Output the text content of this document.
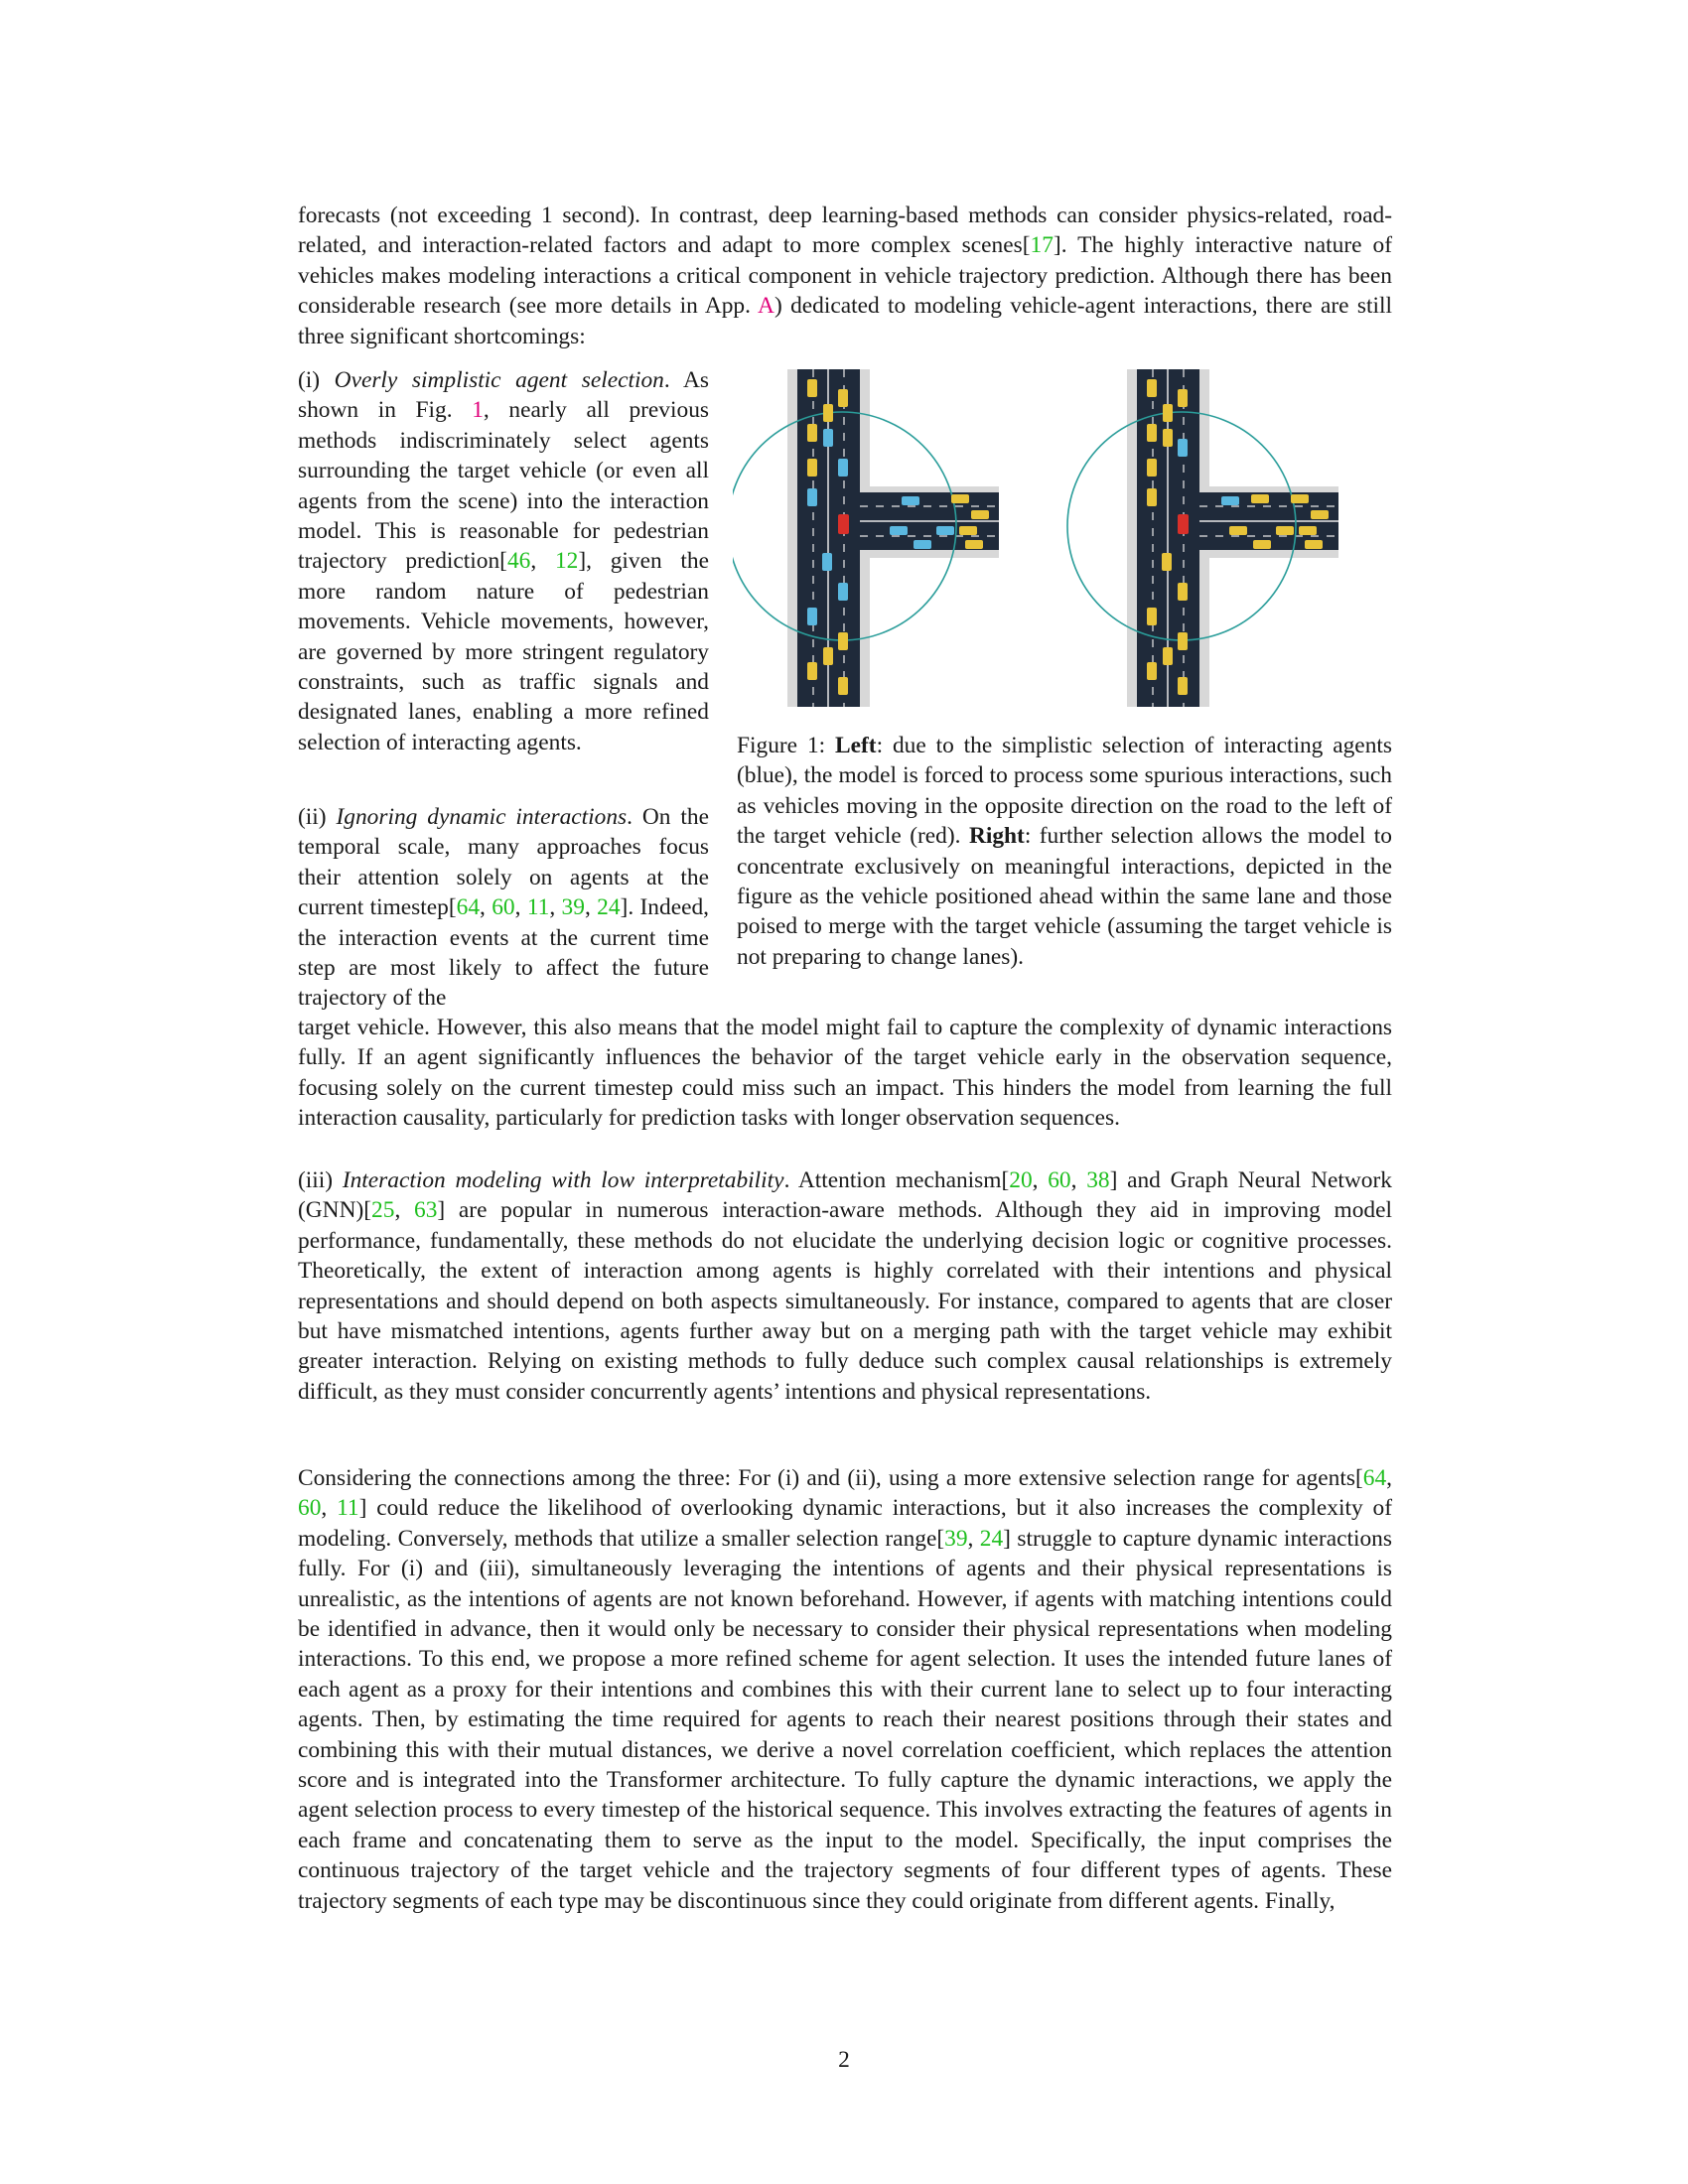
forecasts (not exceeding 1 second). In contrast, deep learning-based methods can consider physics-related, road-related, and interaction-related factors and adapt to more complex scenes[17]. The highly interactive nature of vehicles makes modeling interactions a critical component in vehicle trajectory prediction. Although there has been considerable research (see more details in App. A) dedicated to modeling vehicle-agent interactions, there are still three significant shortcomings:

(i) Overly simplistic agent selection. As shown in Fig. 1, nearly all previous methods indiscriminately select agents surrounding the target vehicle (or even all agents from the scene) into the interaction model. This is reasonable for pedestrian trajectory prediction[46, 12], given the more random nature of pedestrian movements. Vehicle movements, however, are governed by more stringent regulatory constraints, such as traffic signals and designated lanes, enabling a more refined selection of interacting agents.

(ii) Ignoring dynamic interactions. On the temporal scale, many approaches focus their attention solely on agents at the current timestep[64, 60, 11, 39, 24]. Indeed, the interaction events at the current time step are most likely to affect the future trajectory of the

target vehicle. However, this also means that the model might fail to capture the complexity of dynamic interactions fully. If an agent significantly influences the behavior of the target vehicle early in the observation sequence, focusing solely on the current timestep could miss such an impact. This hinders the model from learning the full interaction causality, particularly for prediction tasks with longer observation sequences.

Figure 1: Left: due to the simplistic selection of interacting agents (blue), the model is forced to process some spurious interactions, such as vehicles moving in the opposite direction on the road to the left of the target vehicle (red). Right: further selection allows the model to concentrate exclusively on meaningful interactions, depicted in the figure as the vehicle positioned ahead within the same lane and those poised to merge with the target vehicle (assuming the target vehicle is not preparing to change lanes).

(iii) Interaction modeling with low interpretability. Attention mechanism[20, 60, 38] and Graph Neural Network (GNN)[25, 63] are popular in numerous interaction-aware methods. Although they aid in improving model performance, fundamentally, these methods do not elucidate the underlying decision logic or cognitive processes. Theoretically, the extent of interaction among agents is highly correlated with their intentions and physical representations and should depend on both aspects simultaneously. For instance, compared to agents that are closer but have mismatched intentions, agents further away but on a merging path with the target vehicle may exhibit greater interaction. Relying on existing methods to fully deduce such complex causal relationships is extremely difficult, as they must consider concurrently agents’ intentions and physical representations.

Considering the connections among the three: For (i) and (ii), using a more extensive selection range for agents[64, 60, 11] could reduce the likelihood of overlooking dynamic interactions, but it also increases the complexity of modeling. Conversely, methods that utilize a smaller selection range[39, 24] struggle to capture dynamic interactions fully. For (i) and (iii), simultaneously leveraging the intentions of agents and their physical representations is unrealistic, as the intentions of agents are not known beforehand. However, if agents with matching intentions could be identified in advance, then it would only be necessary to consider their physical representations when modeling interactions. To this end, we propose a more refined scheme for agent selection. It uses the intended future lanes of each agent as a proxy for their intentions and combines this with their current lane to select up to four interacting agents. Then, by estimating the time required for agents to reach their nearest positions through their states and combining this with their mutual distances, we derive a novel correlation coefficient, which replaces the attention score and is integrated into the Transformer architecture. To fully capture the dynamic interactions, we apply the agent selection process to every timestep of the historical sequence. This involves extracting the features of agents in each frame and concatenating them to serve as the input to the model. Specifically, the input comprises the continuous trajectory of the target vehicle and the trajectory segments of four different types of agents. These trajectory segments of each type may be discontinuous since they could originate from different agents. Finally,

2
